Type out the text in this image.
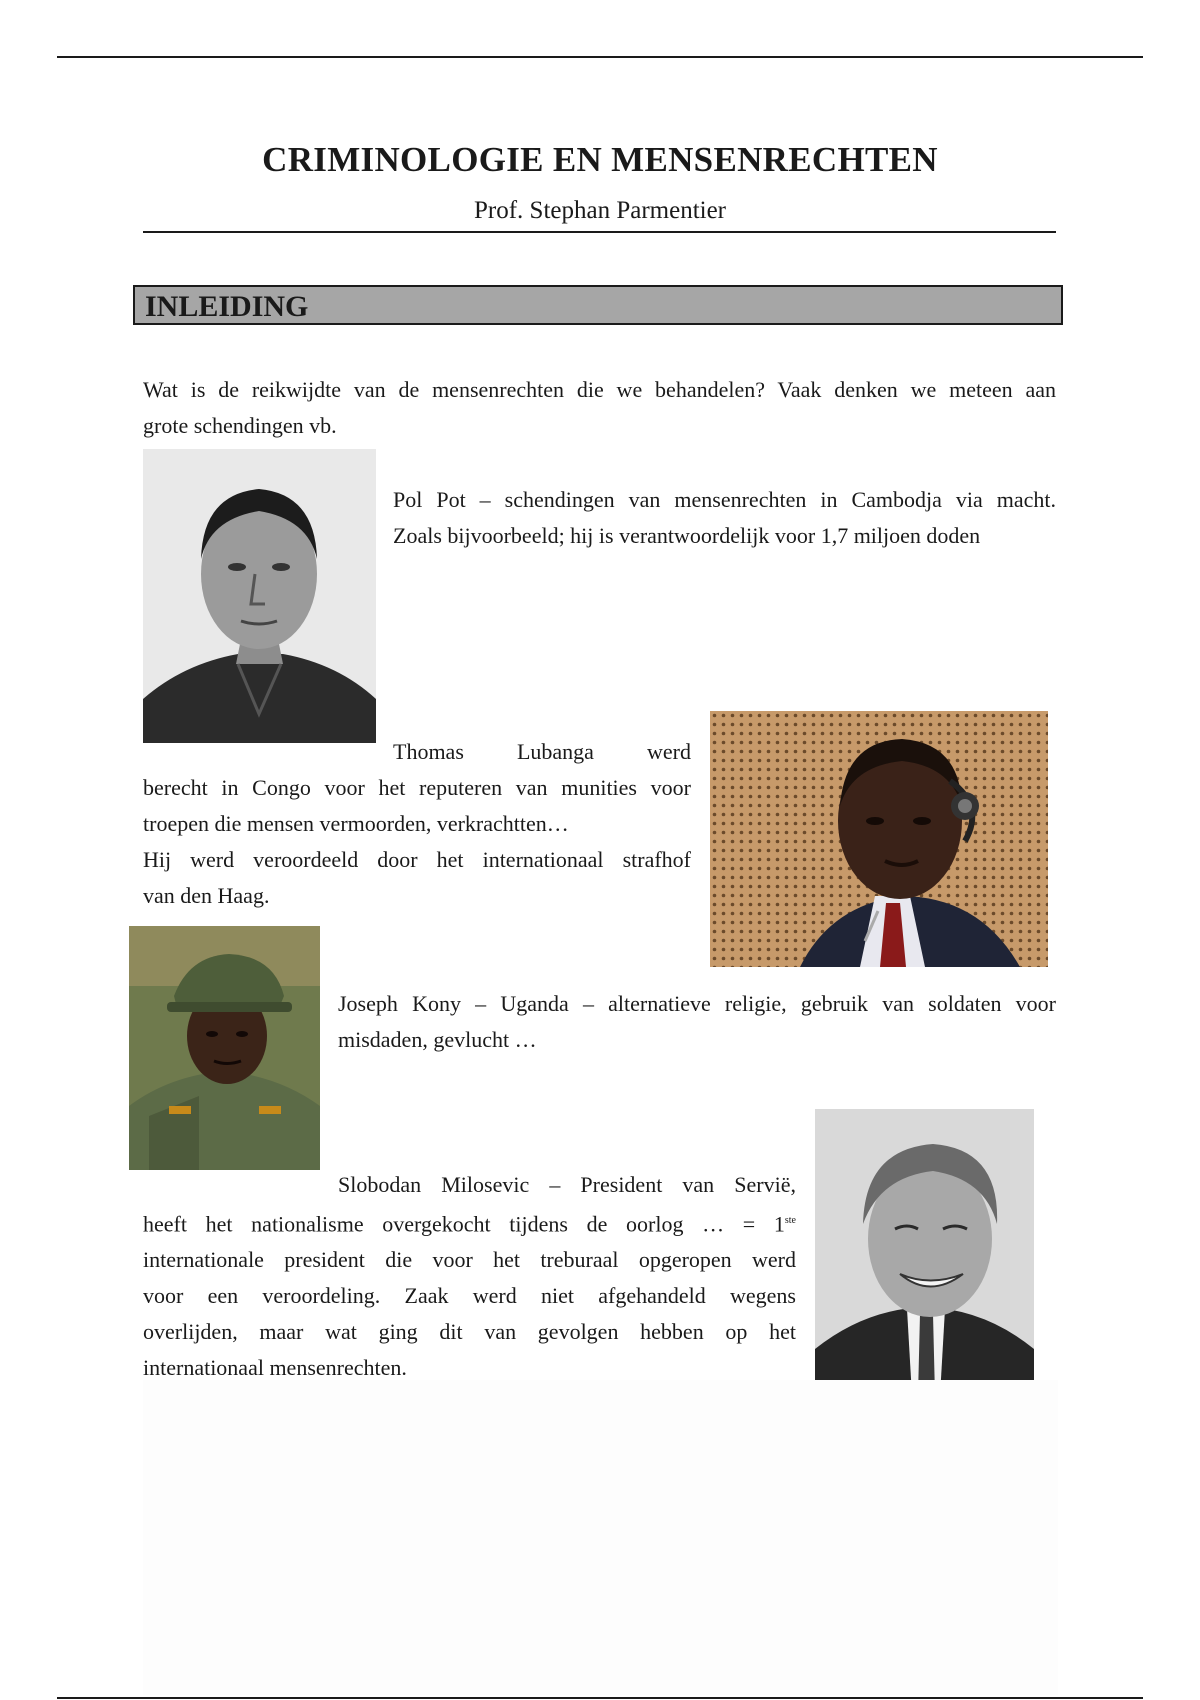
CRIMINOLOGIE EN MENSENRECHTEN
Prof. Stephan Parmentier
INLEIDING
Wat is de reikwijdte van de mensenrechten die we behandelen? Vaak denken we meteen aan
grote schendingen vb.
Pol Pot – schendingen van mensenrechten in Cambodja via macht.
Zoals bijvoorbeeld; hij is verantwoordelijk voor 1,7 miljoen doden
Thomas Lubanga werd
berecht in Congo voor het reputeren van munities voor
troepen die mensen vermoorden, verkrachtten…
Hij werd veroordeeld door het internationaal strafhof
van den Haag.
Joseph Kony – Uganda – alternatieve religie, gebruik van soldaten voor
misdaden, gevlucht …
Slobodan Milosevic – President van Servië,
heeft het nationalisme overgekocht tijdens de oorlog … = 1ste
internationale president die voor het treburaal opgeropen werd
voor een veroordeling. Zaak werd niet afgehandeld wegens
overlijden, maar wat ging dit van gevolgen hebben op het
internationaal mensenrechten.
